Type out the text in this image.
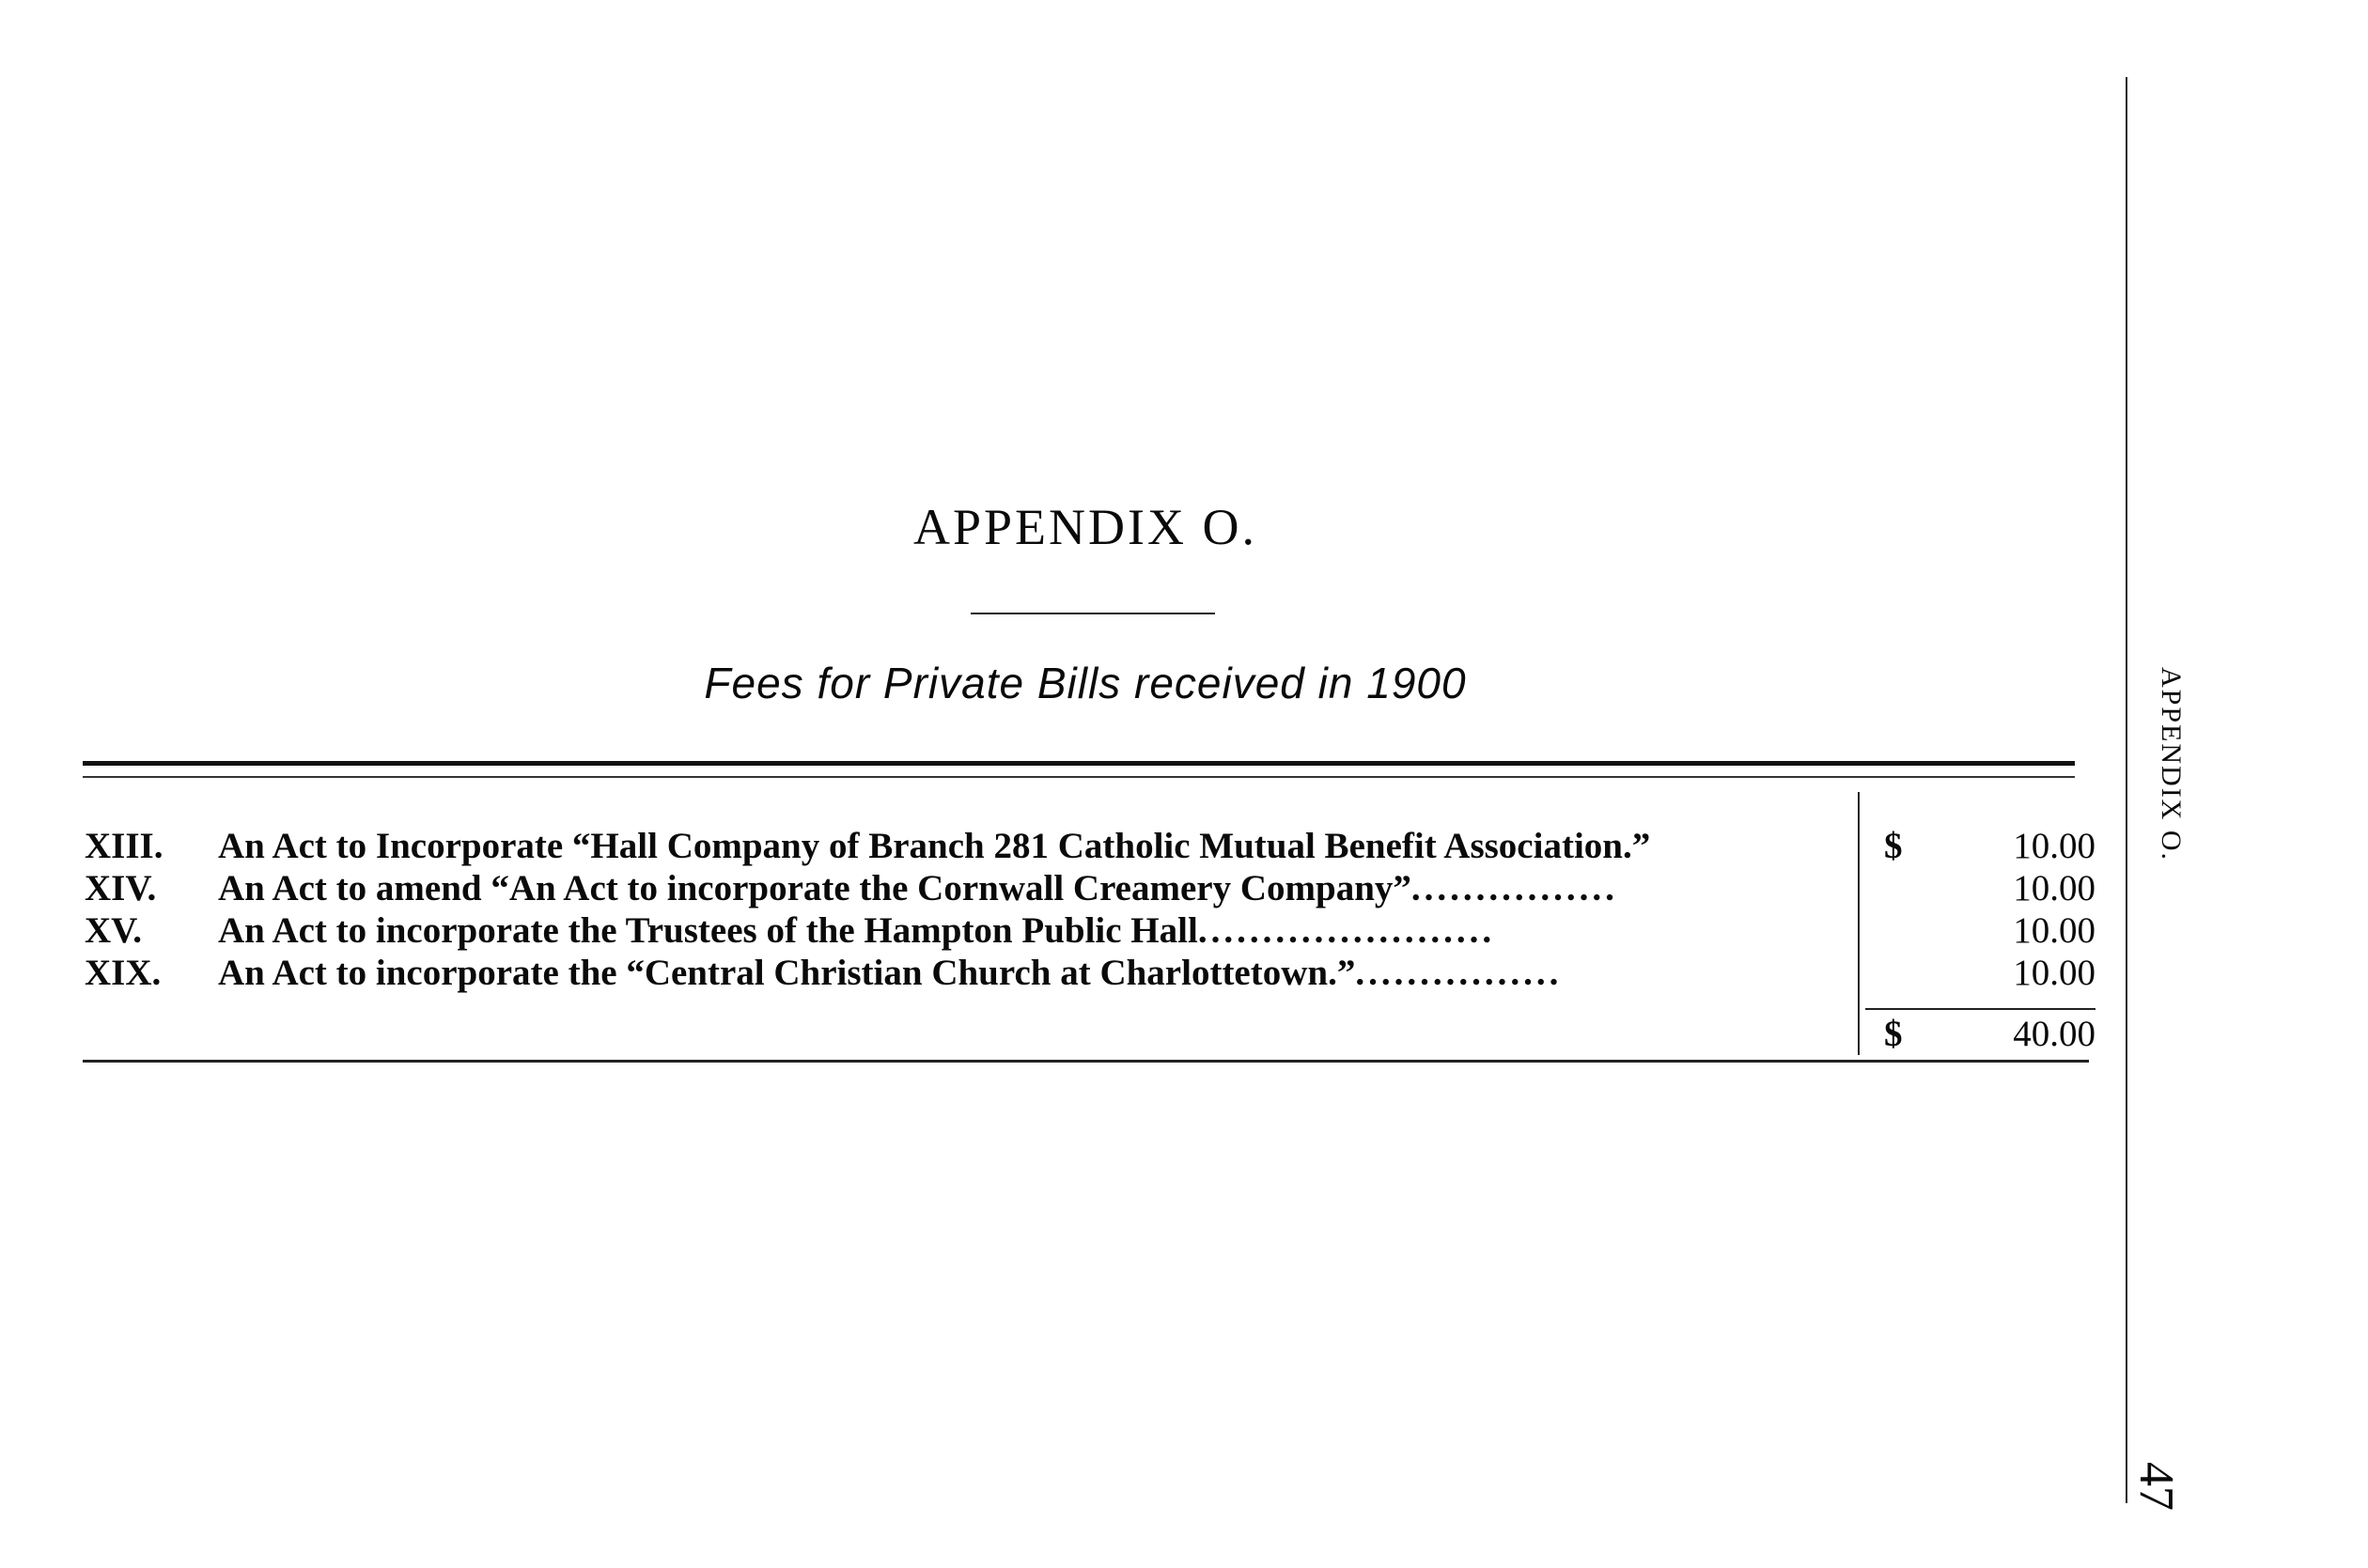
APPENDIX O.
Fees for Private Bills received in 1900
XIII. An Act to Incorporate “Hall Company of Branch 281 Catholic Mutual Benefit Association.”	$	10.00
XIV. An Act to amend “An Act to incorporate the Cornwall Creamery Company”................	10.00
XV. An Act to incorporate the Trustees of the Hampton Public Hall.......................	10.00
XIX. An Act to incorporate the “Central Christian Church at Charlottetown.”................	10.00
$	40.00
APPENDIX O.
47
